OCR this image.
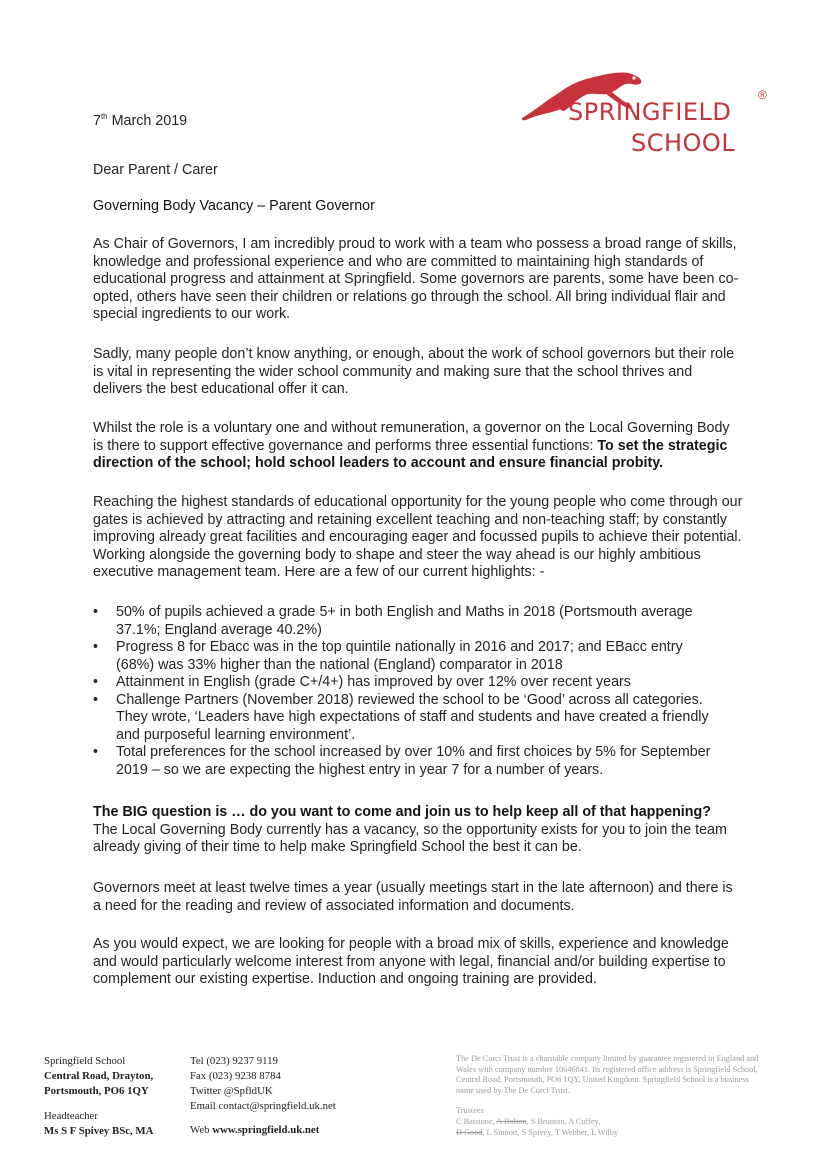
SPRINGFIELD
®
SCHOOL
7th March 2019
Dear Parent / Carer
Governing Body Vacancy – Parent Governor
As Chair of Governors, I am incredibly proud to work with a team who possess a broad range of skills, knowledge and professional experience and who are committed to maintaining high standards of educational progress and attainment at Springfield. Some governors are parents, some have been co-opted, others have seen their children or relations go through the school. All bring individual flair and special ingredients to our work.
Sadly, many people don’t know anything, or enough, about the work of school governors but their role is vital in representing the wider school community and making sure that the school thrives and delivers the best educational offer it can.
Whilst the role is a voluntary one and without remuneration, a governor on the Local Governing Body is there to support effective governance and performs three essential functions: To set the strategic direction of the school; hold school leaders to account and ensure financial probity.
Reaching the highest standards of educational opportunity for the young people who come through our gates is achieved by attracting and retaining excellent teaching and non-teaching staff; by constantly improving already great facilities and encouraging eager and focussed pupils to achieve their potential. Working alongside the governing body to shape and steer the way ahead is our highly ambitious executive management team. Here are a few of our current highlights: -
• 50% of pupils achieved a grade 5+ in both English and Maths in 2018 (Portsmouth average 37.1%; England average 40.2%)
• Progress 8 for Ebacc was in the top quintile nationally in 2016 and 2017; and EBacc entry (68%) was 33% higher than the national (England) comparator in 2018
• Attainment in English (grade C+/4+) has improved by over 12% over recent years
• Challenge Partners (November 2018) reviewed the school to be ‘Good’ across all categories. They wrote, ‘Leaders have high expectations of staff and students and have created a friendly and purposeful learning environment’.
• Total preferences for the school increased by over 10% and first choices by 5% for September 2019 – so we are expecting the highest entry in year 7 for a number of years.
The BIG question is … do you want to come and join us to help keep all of that happening?
The Local Governing Body currently has a vacancy, so the opportunity exists for you to join the team already giving of their time to help make Springfield School the best it can be.
Governors meet at least twelve times a year (usually meetings start in the late afternoon) and there is a need for the reading and review of associated information and documents.
As you would expect, we are looking for people with a broad mix of skills, experience and knowledge and would particularly welcome interest from anyone with legal, financial and/or building expertise to complement our existing expertise. Induction and ongoing training are provided.
Springfield School
Central Road, Drayton,
Portsmouth, PO6 1QY
Headteacher
Ms S F Spivey BSc, MA
Tel (023) 9237 9119
Fax (023) 9238 8784
Twitter @SpfldUK
Email contact@springfield.uk.net
Web www.springfield.uk.net
The De Curci Trust is a charitable company limited by guarantee registered in England and Wales with company number 10646841. Its registered office address is Springfield School, Central Road, Portsmouth, PO6 1QY, United Kingdom. Springfield School is a business name used by The De Curci Trust.
Trustees
C Batstone, A Bolton, S Brunton, A Cuffey,
D Good, L Sinnott, S Spivey, T Webber, L Wilby
